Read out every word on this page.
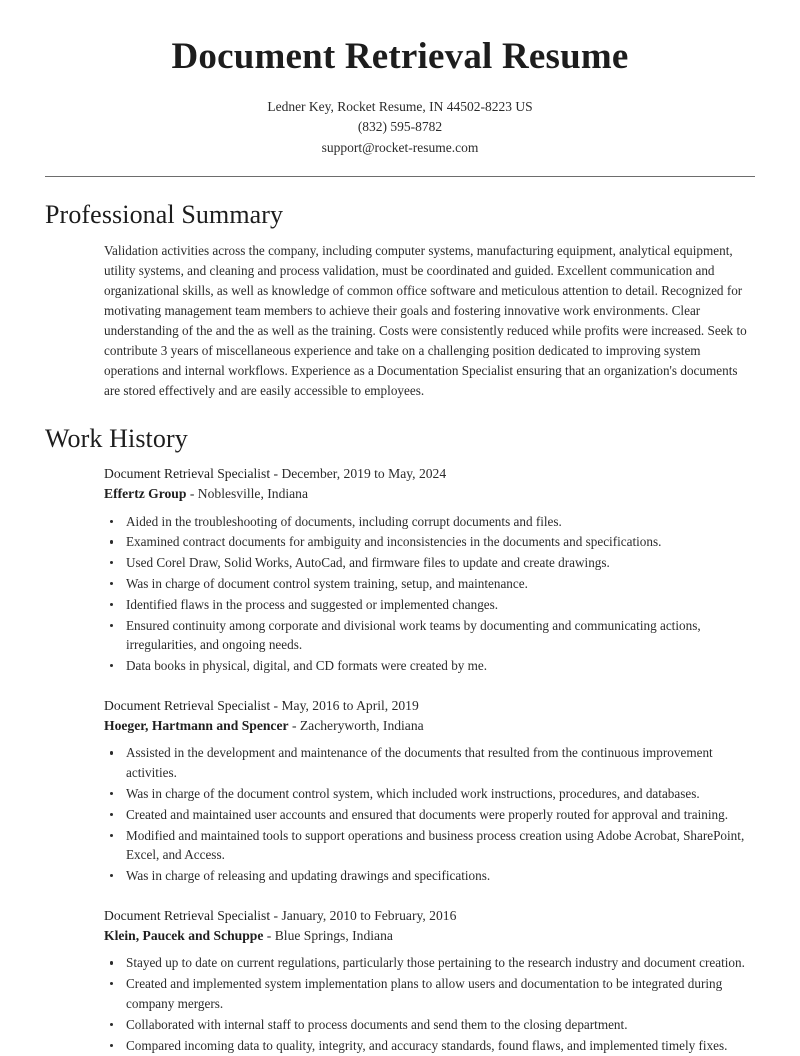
Document Retrieval Resume

Ledner Key, Rocket Resume, IN 44502-8223 US

(832) 595-8782

support@rocket-resume.com

Professional Summary

Validation activities across the company, including computer systems, manufacturing equipment, analytical equipment, utility systems, and cleaning and process validation, must be coordinated and guided. Excellent communication and organizational skills, as well as knowledge of common office software and meticulous attention to detail. Recognized for motivating management team members to achieve their goals and fostering innovative work environments. Clear understanding of the and the as well as the training. Costs were consistently reduced while profits were increased. Seek to contribute 3 years of miscellaneous experience and take on a challenging position dedicated to improving system operations and internal workflows. Experience as a Documentation Specialist ensuring that an organization's documents are stored effectively and are easily accessible to employees.

Work History

Document Retrieval Specialist - December, 2019 to May, 2024

Effertz Group - Noblesville, Indiana

Aided in the troubleshooting of documents, including corrupt documents and files.
Examined contract documents for ambiguity and inconsistencies in the documents and specifications.
Used Corel Draw, Solid Works, AutoCad, and firmware files to update and create drawings.
Was in charge of document control system training, setup, and maintenance.
Identified flaws in the process and suggested or implemented changes.
Ensured continuity among corporate and divisional work teams by documenting and communicating actions, irregularities, and ongoing needs.
Data books in physical, digital, and CD formats were created by me.

Document Retrieval Specialist - May, 2016 to April, 2019

Hoeger, Hartmann and Spencer - Zacheryworth, Indiana

Assisted in the development and maintenance of the documents that resulted from the continuous improvement activities.
Was in charge of the document control system, which included work instructions, procedures, and databases.
Created and maintained user accounts and ensured that documents were properly routed for approval and training.
Modified and maintained tools to support operations and business process creation using Adobe Acrobat, SharePoint, Excel, and Access.
Was in charge of releasing and updating drawings and specifications.

Document Retrieval Specialist - January, 2010 to February, 2016

Klein, Paucek and Schuppe - Blue Springs, Indiana

Stayed up to date on current regulations, particularly those pertaining to the research industry and document creation.
Created and implemented system implementation plans to allow users and documentation to be integrated during company mergers.
Collaborated with internal staff to process documents and send them to the closing department.
Compared incoming data to quality, integrity, and accuracy standards, found flaws, and implemented timely fixes.
